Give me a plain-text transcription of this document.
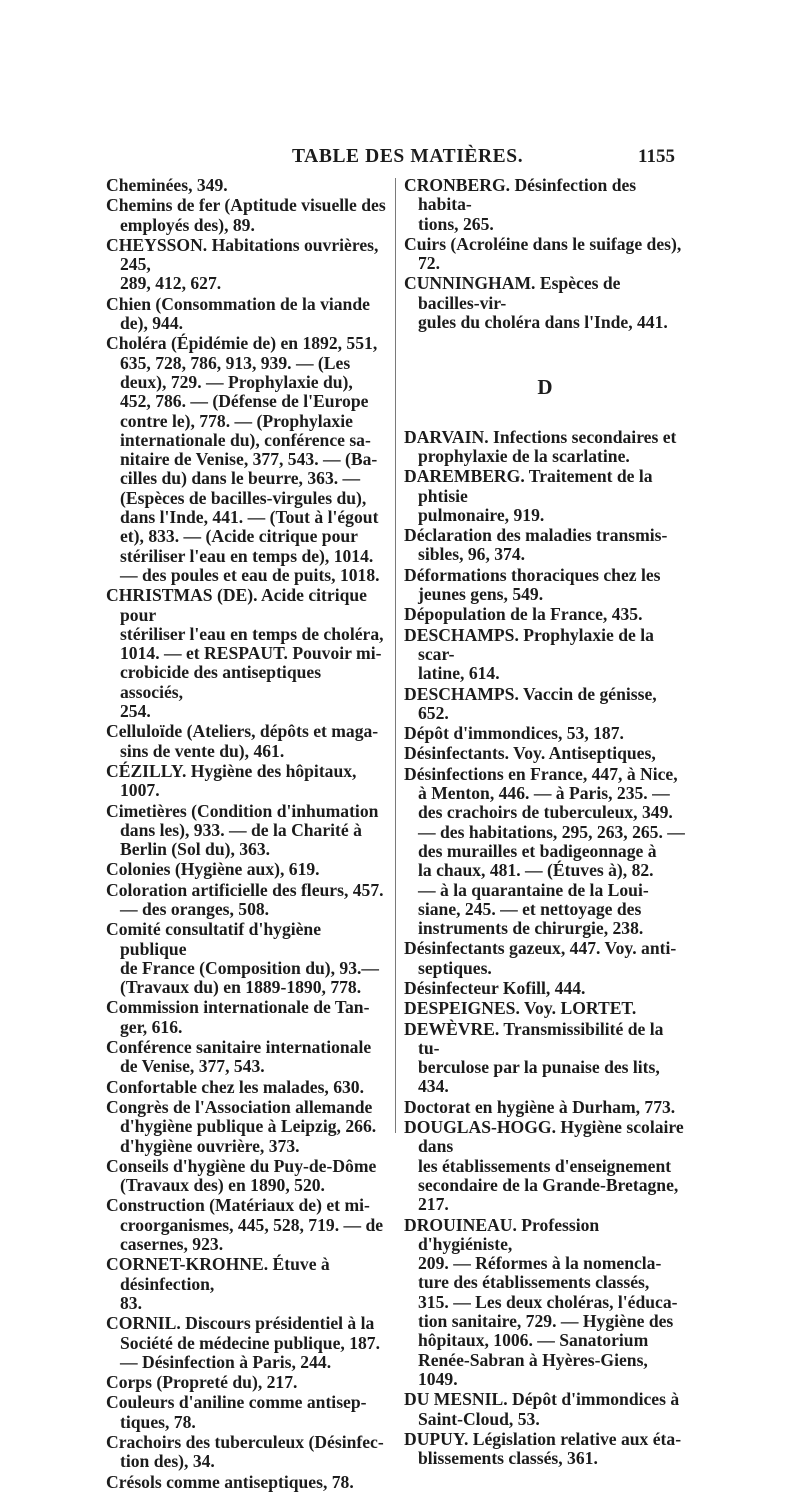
TABLE DES MATIÈRES.	1155
Cheminées, 349.
Chemins de fer (Aptitude visuelle des
employés des), 89.
CHEYSSON. Habitations ouvrières, 245,
289, 412, 627.
Chien (Consommation de la viande
de), 944.
Choléra (Épidémie de) en 1892, 551,
635, 728, 786, 913, 939. — (Les
deux), 729. — Prophylaxie du),
452, 786. — (Défense de l'Europe
contre le), 778. — (Prophylaxie
internationale du), conférence sa-
nitaire de Venise, 377, 543. — (Ba-
cilles du) dans le beurre, 363. —
(Espèces de bacilles-virgules du),
dans l'Inde, 441. — (Tout à l'égout
et), 833. — (Acide citrique pour
stériliser l'eau en temps de), 1014.
— des poules et eau de puits, 1018.
CHRISTMAS (DE). Acide citrique pour
stériliser l'eau en temps de choléra,
1014. — et RESPAUT. Pouvoir mi-
crobicide des antiseptiques associés,
254.
Celluloïde (Ateliers, dépôts et maga-
sins de vente du), 461.
CÉZILLY. Hygiène des hôpitaux, 1007.
Cimetières (Condition d'inhumation
dans les), 933. — de la Charité à
Berlin (Sol du), 363.
Colonies (Hygiène aux), 619.
Coloration artificielle des fleurs, 457.
— des oranges, 508.
Comité consultatif d'hygiène publique
de France (Composition du), 93.—
(Travaux du) en 1889-1890, 778.
Commission internationale de Tan-
ger, 616.
Conférence sanitaire internationale
de Venise, 377, 543.
Confortable chez les malades, 630.
Congrès de l'Association allemande
d'hygiène publique à Leipzig, 266.
d'hygiène ouvrière, 373.
Conseils d'hygiène du Puy-de-Dôme
(Travaux des) en 1890, 520.
Construction (Matériaux de) et mi-
croorganismes, 445, 528, 719. — de
casernes, 923.
CORNET-KROHNE. Étuve à désinfection,
83.
CORNIL. Discours présidentiel à la
Société de médecine publique, 187.
— Désinfection à Paris, 244.
Corps (Propreté du), 217.
Couleurs d'aniline comme antisep-
tiques, 78.
Crachoirs des tuberculeux (Désinfec-
tion des), 34.
Crésols comme antiseptiques, 78.
CRONBERG. Désinfection des habita-
tions, 265.
Cuirs (Acroléine dans le suifage des),
72.
CUNNINGHAM. Espèces de bacilles-vir-
gules du choléra dans l'Inde, 441.
D
DARVAIN. Infections secondaires et
prophylaxie de la scarlatine.
DAREMBERG. Traitement de la phtisie
pulmonaire, 919.
Déclaration des maladies transmis-
sibles, 96, 374.
Déformations thoraciques chez les
jeunes gens, 549.
Dépopulation de la France, 435.
DESCHAMPS. Prophylaxie de la scar-
latine, 614.
DESCHAMPS. Vaccin de génisse, 652.
Dépôt d'immondices, 53, 187.
Désinfectants. Voy. Antiseptiques,
Désinfections en France, 447, à Nice,
à Menton, 446. — à Paris, 235. —
des crachoirs de tuberculeux, 349.
— des habitations, 295, 263, 265. —
des murailles et badigeonnage à
la chaux, 481. — (Étuves à), 82.
— à la quarantaine de la Loui-
siane, 245. — et nettoyage des
instruments de chirurgie, 238.
Désinfectants gazeux, 447. Voy. anti-
septiques.
Désinfecteur Kofill, 444.
DESPEIGNES. Voy. LORTET.
DEWÈVRE. Transmissibilité de la tu-
berculose par la punaise des lits,
434.
Doctorat en hygiène à Durham, 773.
DOUGLAS-HOGG. Hygiène scolaire dans
les établissements d'enseignement
secondaire de la Grande-Bretagne,
217.
DROUINEAU. Profession d'hygiéniste,
209. — Réformes à la nomencla-
ture des établissements classés,
315. — Les deux choléras, l'éduca-
tion sanitaire, 729. — Hygiène des
hôpitaux, 1006. — Sanatorium
Renée-Sabran à Hyères-Giens, 1049.
DU MESNIL. Dépôt d'immondices à
Saint-Cloud, 53.
DUPUY. Législation relative aux éta-
blissements classés, 361.
